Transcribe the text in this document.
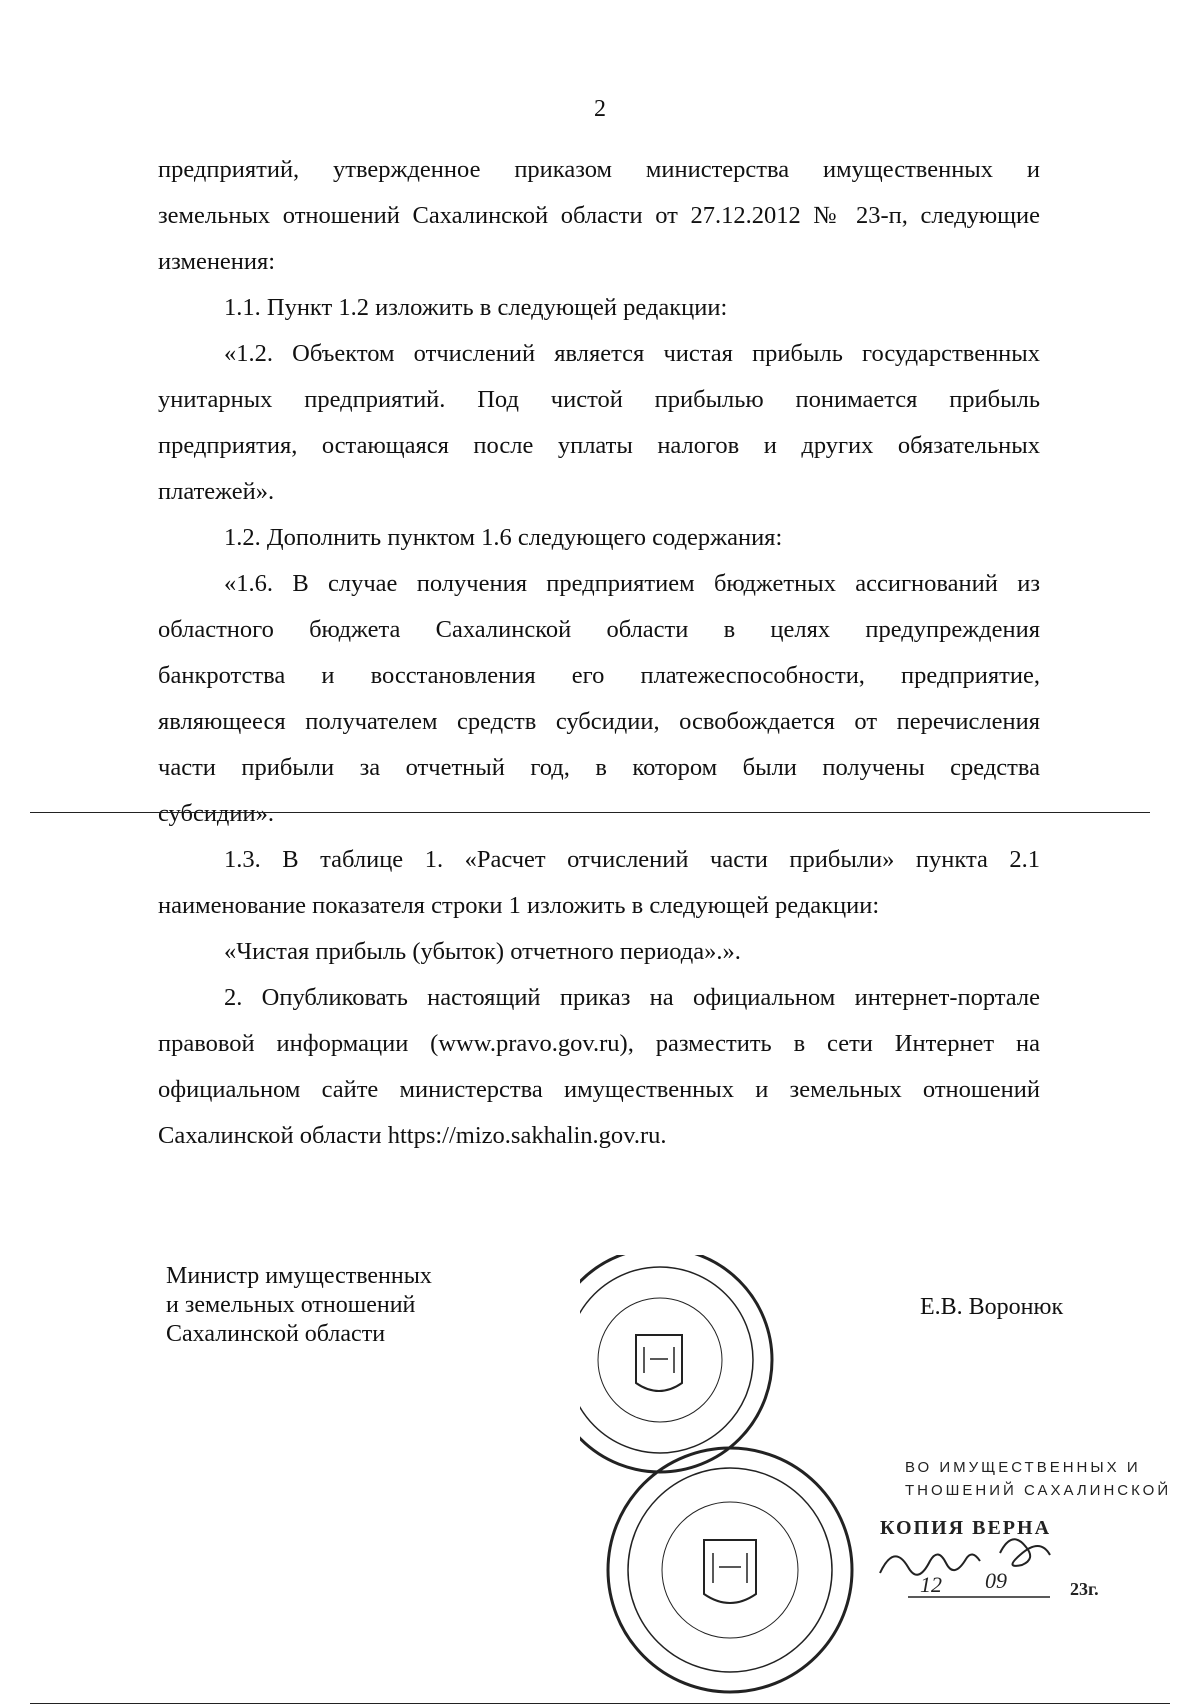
2
предприятий, утвержденное приказом министерства имущественных и
земельных отношений Сахалинской области от 27.12.2012 № 23-п, следующие
изменения:
1.1. Пункт 1.2 изложить в следующей редакции:
«1.2. Объектом отчислений является чистая прибыль государственных
унитарных предприятий. Под чистой прибылью понимается прибыль
предприятия, остающаяся после уплаты налогов и других обязательных
платежей».
1.2. Дополнить пунктом 1.6 следующего содержания:
«1.6. В случае получения предприятием бюджетных ассигнований из
областного бюджета Сахалинской области в целях предупреждения
банкротства и восстановления его платежеспособности, предприятие,
являющееся получателем средств субсидии, освобождается от перечисления
части прибыли за отчетный год, в котором были получены средства
субсидии».
1.3. В таблице 1. «Расчет отчислений части прибыли» пункта 2.1
наименование показателя строки 1 изложить в следующей редакции:
«Чистая прибыль (убыток) отчетного периода».».
2. Опубликовать настоящий приказ на официальном интернет-портале
правовой информации (www.pravo.gov.ru), разместить в сети Интернет на
официальном сайте министерства имущественных и земельных отношений
Сахалинской области https://mizo.sakhalin.gov.ru.
Министр имущественных
и земельных отношений
Сахалинской области
Е.В. Воронюк
ВО ИМУЩЕСТВЕННЫХ И
ТНОШЕНИЙ САХАЛИНСКОЙ
КОПИЯ ВЕРНА
12 09	23г.
